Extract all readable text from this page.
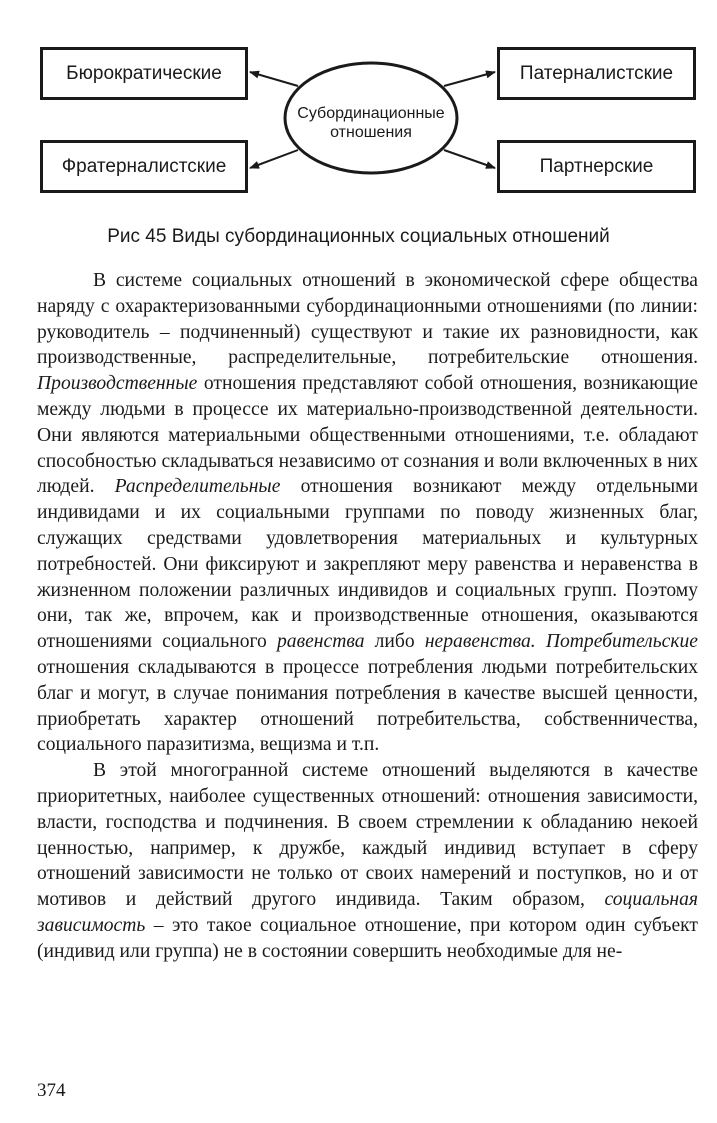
Бюрократические
Фратерналистские
Патерналистские
Партнерские
Субординационные
отношения
Рис 45 Виды субординационных социальных отношений

В системе социальных отношений в экономической сфере общества наряду с охарактеризованными субординационными отношениями (по линии: руководитель – подчиненный) существуют и такие их разновидности, как производственные, распределительные, потребительские отношения. Производственные отношения представляют собой отношения, возникающие между людьми в процессе их материально-производственной деятельности. Они являются материальными общественными отношениями, т.е. обладают способностью складываться независимо от сознания и воли включенных в них людей. Распределительные отношения возникают между отдельными индивидами и их социальными группами по поводу жизненных благ, служащих средствами удовлетворения материальных и культурных потребностей. Они фиксируют и закрепляют меру равенства и неравенства в жизненном положении различных индивидов и социальных групп. Поэтому они, так же, впрочем, как и производственные отношения, оказываются отношениями социального равенства либо неравенства. Потребительские отношения складываются в процессе потребления людьми потребительских благ и могут, в случае понимания потребления в качестве высшей ценности, приобретать характер отношений потребительства, собственничества, социального паразитизма, вещизма и т.п.

В этой многогранной системе отношений выделяются в качестве приоритетных, наиболее существенных отношений: отношения зависимости, власти, господства и подчинения. В своем стремлении к обладанию некоей ценностью, например, к дружбе, каждый индивид вступает в сферу отношений зависимости не только от своих намерений и поступков, но и от мотивов и действий другого индивида. Таким образом, социальная зависимость – это такое социальное отношение, при котором один субъект (индивид или группа) не в состоянии совершить необходимые для не-

374
